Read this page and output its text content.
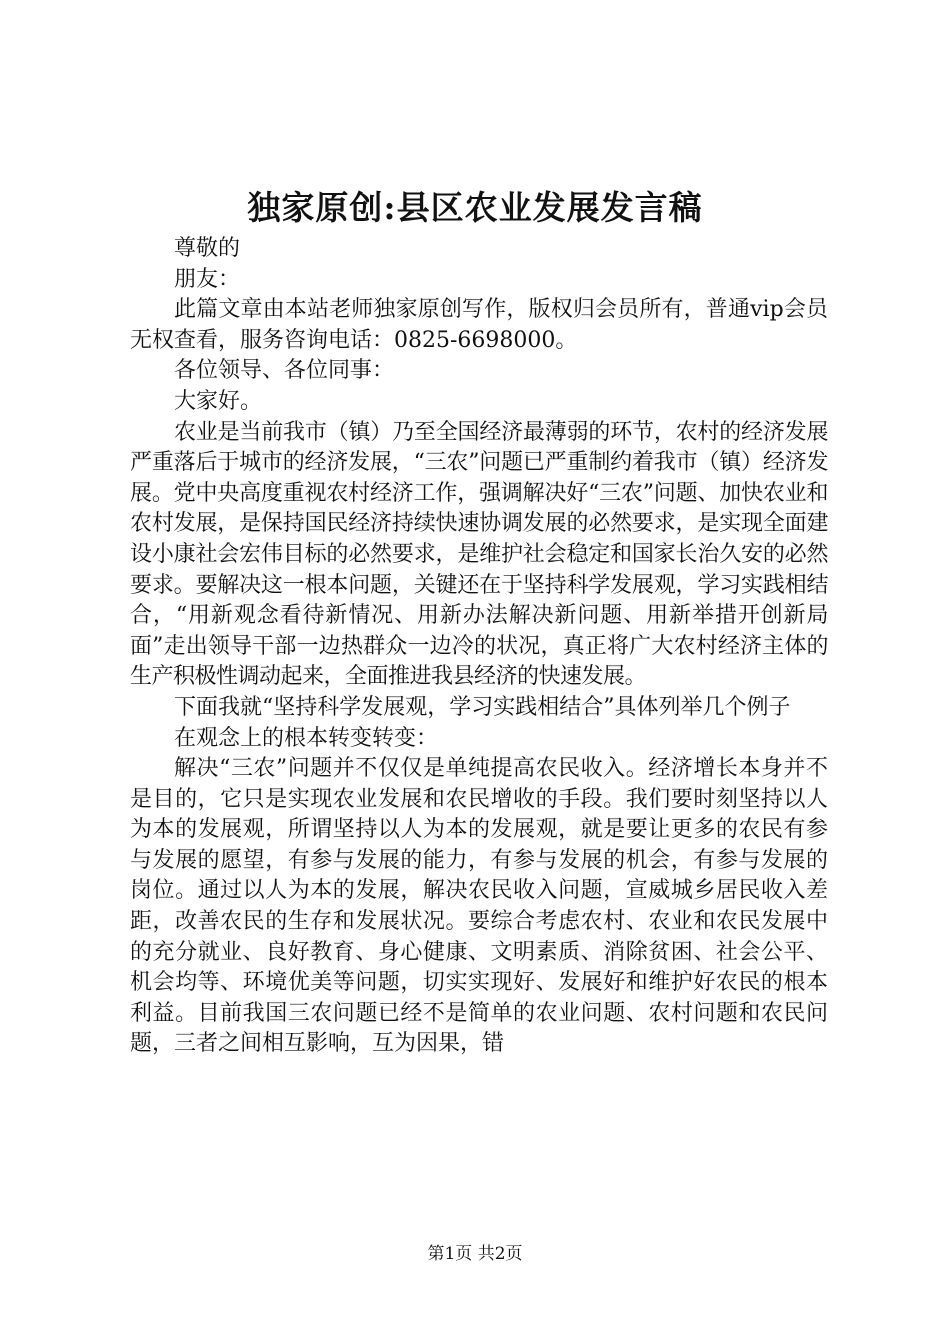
独家原创:县区农业发展发言稿

尊敬的

朋友：

此篇文章由本站老师独家原创写作，版权归会员所有，普通vip会员无权查看，服务咨询电话：0825-6698000。

各位领导、各位同事：

大家好。

农业是当前我市（镇）乃至全国经济最薄弱的环节，农村的经济发展严重落后于城市的经济发展，“三农”问题已严重制约着我市（镇）经济发展。党中央高度重视农村经济工作，强调解决好“三农”问题、加快农业和农村发展，是保持国民经济持续快速协调发展的必然要求，是实现全面建设小康社会宏伟目标的必然要求，是维护社会稳定和国家长治久安的必然要求。要解决这一根本问题，关键还在于坚持科学发展观，学习实践相结合，“用新观念看待新情况、用新办法解决新问题、用新举措开创新局面”走出领导干部一边热群众一边冷的状况，真正将广大农村经济主体的生产积极性调动起来，全面推进我县经济的快速发展。

下面我就“坚持科学发展观，学习实践相结合”具体列举几个例子

在观念上的根本转变转变：

解决“三农”问题并不仅仅是单纯提高农民收入。经济增长本身并不是目的，它只是实现农业发展和农民增收的手段。我们要时刻坚持以人为本的发展观，所谓坚持以人为本的发展观，就是要让更多的农民有参与发展的愿望，有参与发展的能力，有参与发展的机会，有参与发展的岗位。通过以人为本的发展，解决农民收入问题，宣威城乡居民收入差距，改善农民的生存和发展状况。要综合考虑农村、农业和农民发展中的充分就业、良好教育、身心健康、文明素质、消除贫困、社会公平、机会均等、环境优美等问题，切实实现好、发展好和维护好农民的根本利益。目前我国三农问题已经不是简单的农业问题、农村问题和农民问题，三者之间相互影响，互为因果，错

第1页 共2页
